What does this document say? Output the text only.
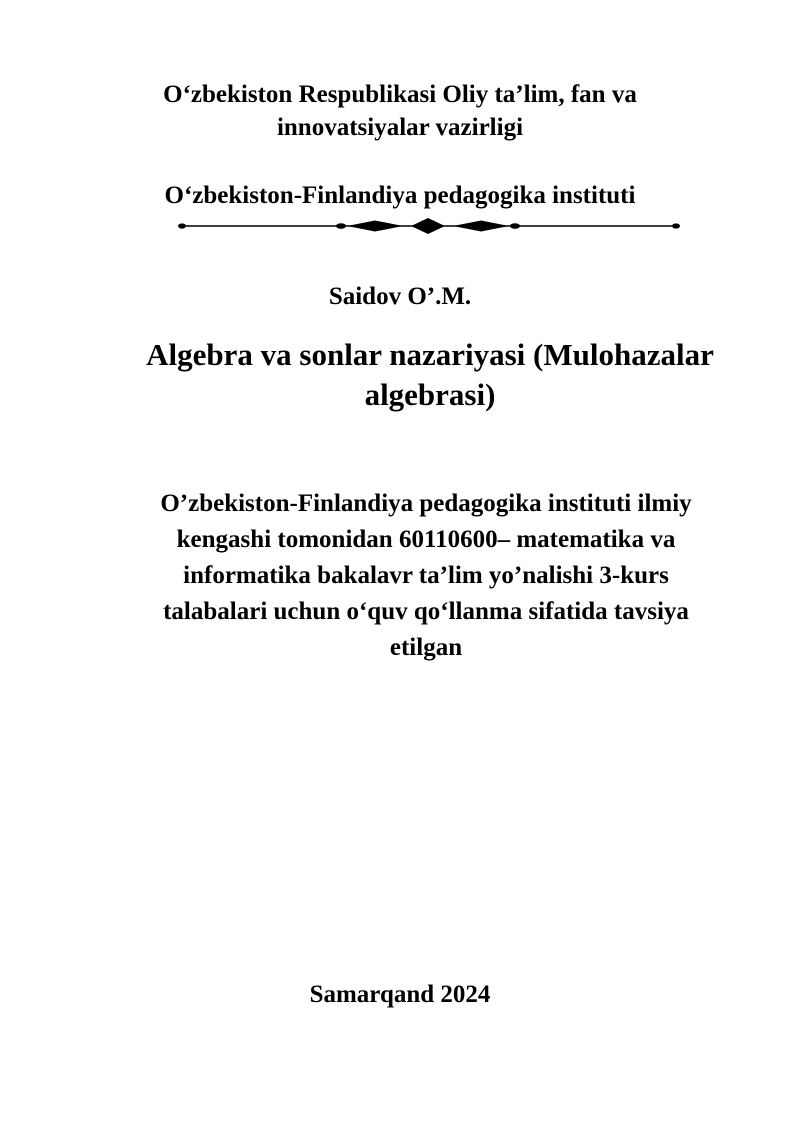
O‘zbekiston Respublikasi Oliy ta’lim, fan va
innovatsiyalar vazirligi
O‘zbekiston-Finlandiya pedagogika instituti
Saidov O’.M.
Algebra va sonlar nazariyasi (Mulohazalar
algebrasi)
O’zbekiston-Finlandiya pedagogika instituti ilmiy
kengashi tomonidan 60110600– matematika va
informatika bakalavr ta’lim yo’nalishi 3-kurs
talabalari uchun o‘quv qo‘llanma sifatida tavsiya
etilgan
Samarqand 2024
